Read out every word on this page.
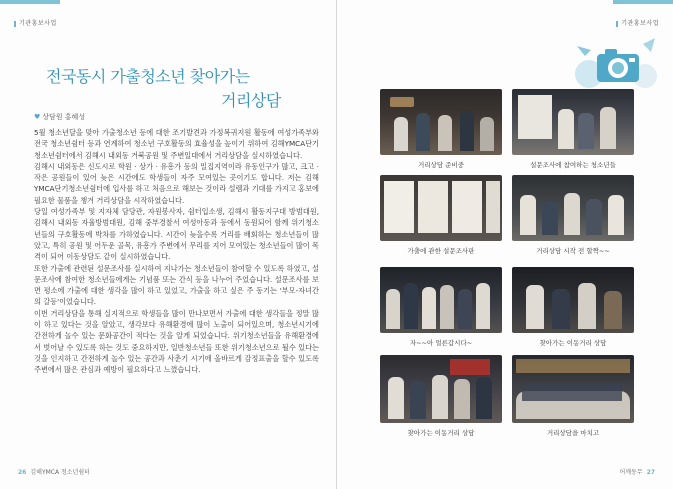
기관홍보사업
전국동시 가출청소년 찾아가는
거리상담
♥ 상담원 홍혜성

5월 청소년달을 맞아 가출청소년 등에 대한 조기발견과 가정복귀지원 활동에 여성가족부와 전국 청소년쉼터 등과 연계하여 청소년 구호활동의 효율성을 높이기 위하여 김해YMCA단기청소년쉼터에서 김해시 내외동 거북공원 및 주변일대에서 거리상담을 실시하였습니다.

김해시 내외동은 신도시로 학원 · 상가 · 유흥가 등의 밀집지역이라 유동인구가 많고, 크고 · 작은 공원들이 있어 늦은 시간에도 학생들이 자주 모여있는 곳이기도 합니다. 저는 김해YMCA단기청소년쉼터에 입사를 하고 처음으로 해보는 것이라 설렘과 기대를 가지고 홍보에 필요한 물품을 챙겨 거리상담을 시작하였습니다.

당일 여성가족부 및 지자체 담당관, 자원봉사자, 쉼터입소생, 김해시 활동지구대 방범대원, 김해시 내외동 자율방범대원, 김해 중부경찰서 여성아동과 등에서 동원되어 함께 위기청소년들의 구호활동에 박차를 가하였습니다. 시간이 늦을수록 거리를 배회하는 청소년들이 많았고, 특히 공원 및 어두운 골목, 유흥가 주변에서 무리를 지어 모여있는 청소년들이 많이 목격이 되어 이동상담도 같이 실시하였습니다.

또한 가출에 관련된 설문조사를 실시하여 지나가는 청소년들이 참여할 수 있도록 하였고, 설문조사에 참여한 청소년들에게는 기념품 또는 간식 등을 나누어 주었습니다. 설문조사를 보면 평소에 가출에 대한 생각을 많이 하고 있었고, 가출을 하고 싶은 주 동기는 '부모-자녀간의 갈등'이었습니다.

이번 거리상담을 통해 실지적으로 학생들을 많이 만나보면서 가출에 대한 생각들을 정말 많이 하고 있다는 것을 알았고, 생각보다 유해환경에 많이 노출이 되어있으며, 청소년시기에 간전하게 놀수 있는 문화공간이 적다는 것을 알게 되었습니다. 위기청소년들을 유해환경에서 벗어날 수 있도록 하는 것도 중요하지만, 일반청소년들 또한 위기청소년으로 될수 있다는 것을 인지하고 간전하게 놀수 있는 공간과 사춘기 시기에 올바르게 감정표출을 할수 있도록 주변에서 많은 관심과 예방이 필요하다고 느꼈습니다.

26 김해YMCA 청소년쉼터
기관홍보사업
거리상담 준비중	설문조사에 참여하는 청소년들
가출에 관한 설문조사판	거리상담 시작 전 할짝~~
자~~아 얼른갑시다~	찾아가는 이동거리 상담
찾아가는 이동거리 상담	거리상담을 마치고
어깨동무 27
